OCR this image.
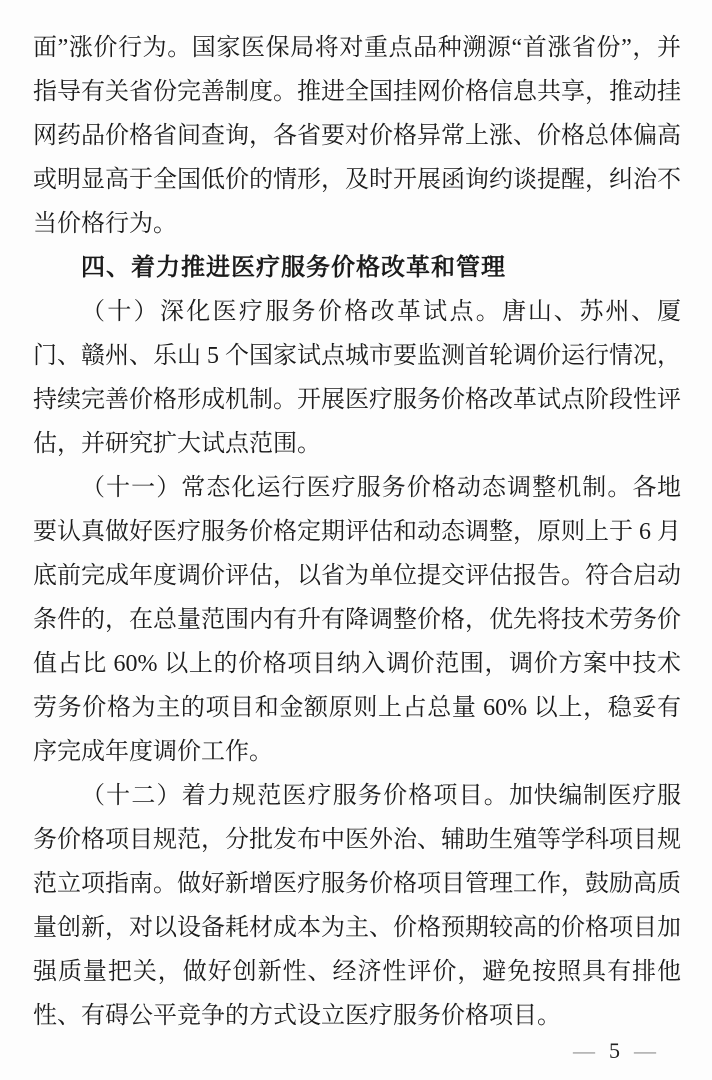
面”涨价行为。国家医保局将对重点品种溯源“首涨省份”，并指导有关省份完善制度。推进全国挂网价格信息共享，推动挂网药品价格省间查询，各省要对价格异常上涨、价格总体偏高或明显高于全国低价的情形，及时开展函询约谈提醒，纠治不当价格行为。

四、着力推进医疗服务价格改革和管理

（十）深化医疗服务价格改革试点。唐山、苏州、厦门、赣州、乐山 5 个国家试点城市要监测首轮调价运行情况，持续完善价格形成机制。开展医疗服务价格改革试点阶段性评估，并研究扩大试点范围。

（十一）常态化运行医疗服务价格动态调整机制。各地要认真做好医疗服务价格定期评估和动态调整，原则上于 6 月底前完成年度调价评估，以省为单位提交评估报告。符合启动条件的，在总量范围内有升有降调整价格，优先将技术劳务价值占比 60% 以上的价格项目纳入调价范围，调价方案中技术劳务价格为主的项目和金额原则上占总量 60% 以上，稳妥有序完成年度调价工作。

（十二）着力规范医疗服务价格项目。加快编制医疗服务价格项目规范，分批发布中医外治、辅助生殖等学科项目规范立项指南。做好新增医疗服务价格项目管理工作，鼓励高质量创新，对以设备耗材成本为主、价格预期较高的价格项目加强质量把关，做好创新性、经济性评价，避免按照具有排他性、有碍公平竞争的方式设立医疗服务价格项目。

— 5 —
